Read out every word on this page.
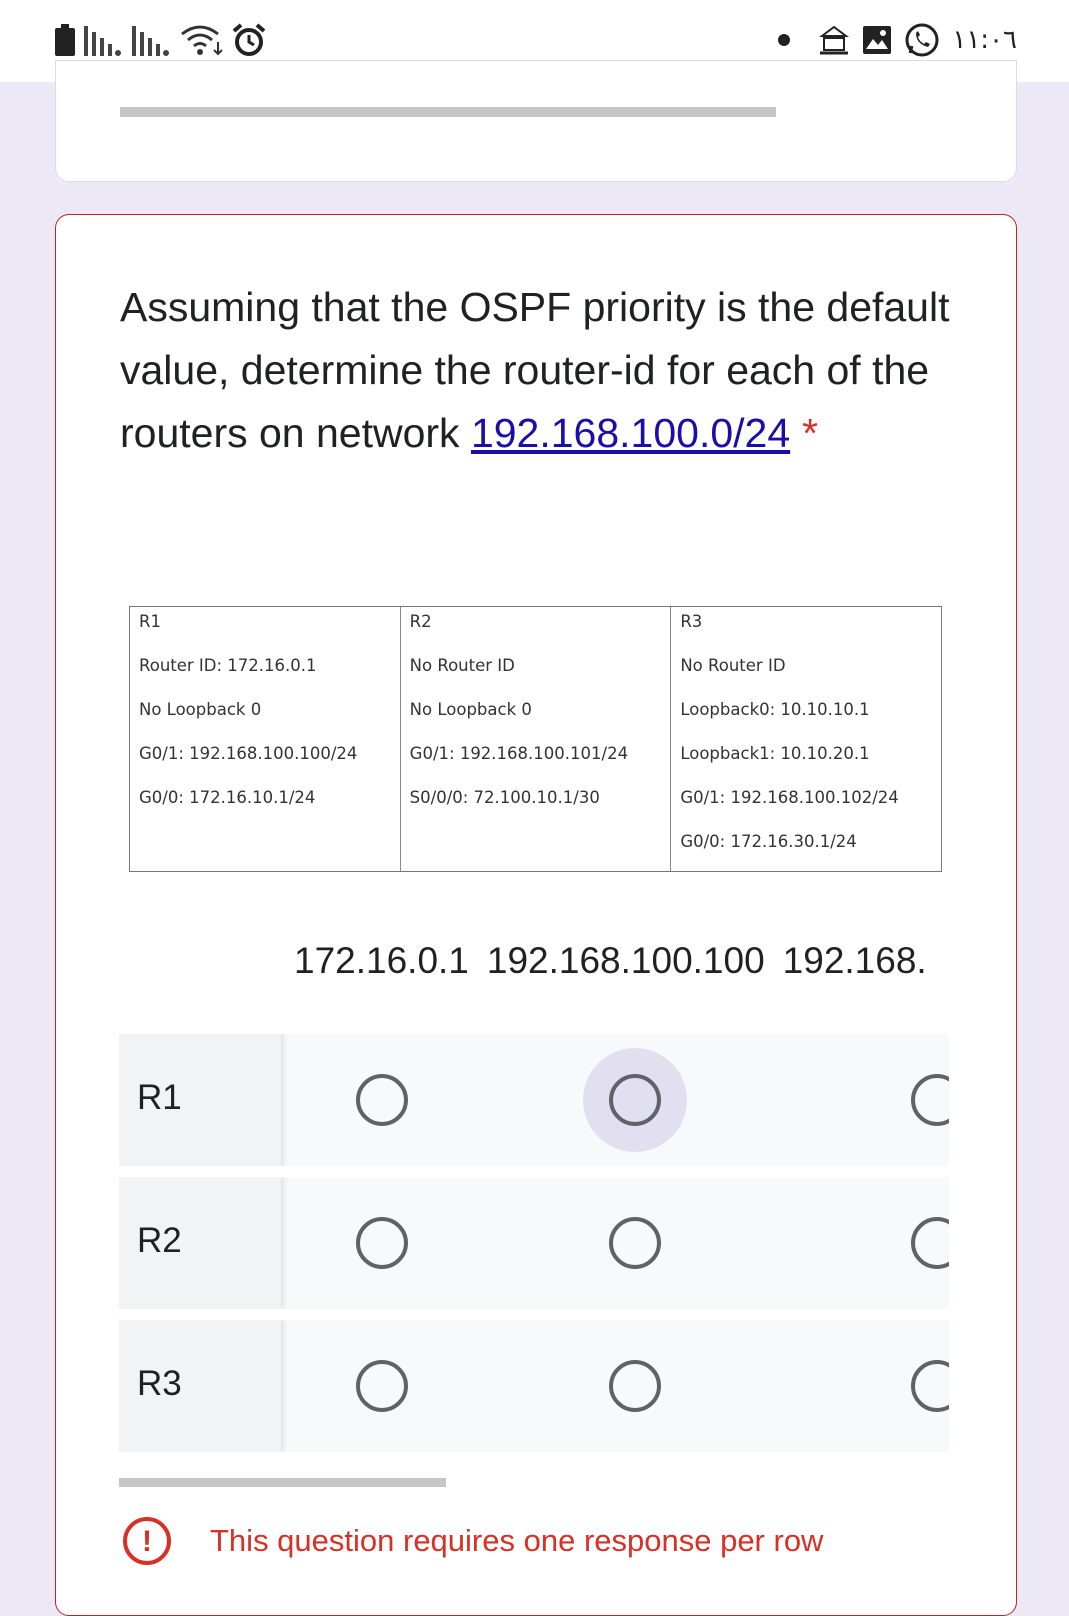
١١:٠٦
Assuming that the OSPF priority is the default value, determine the router-id for each of the routers on network 192.168.100.0/24 *
R1
Router ID: 172.16.0.1
No Loopback 0
G0/1: 192.168.100.100/24
G0/0: 172.16.10.1/24
R2
No Router ID
No Loopback 0
G0/1: 192.168.100.101/24
S0/0/0: 72.100.10.1/30
R3
No Router ID
Loopback0: 10.10.10.1
Loopback1: 10.10.20.1
G0/1: 192.168.100.102/24
G0/0: 172.16.30.1/24
172.16.0.1 192.168.100.100 192.168.
R1
R2
R3
! This question requires one response per row
